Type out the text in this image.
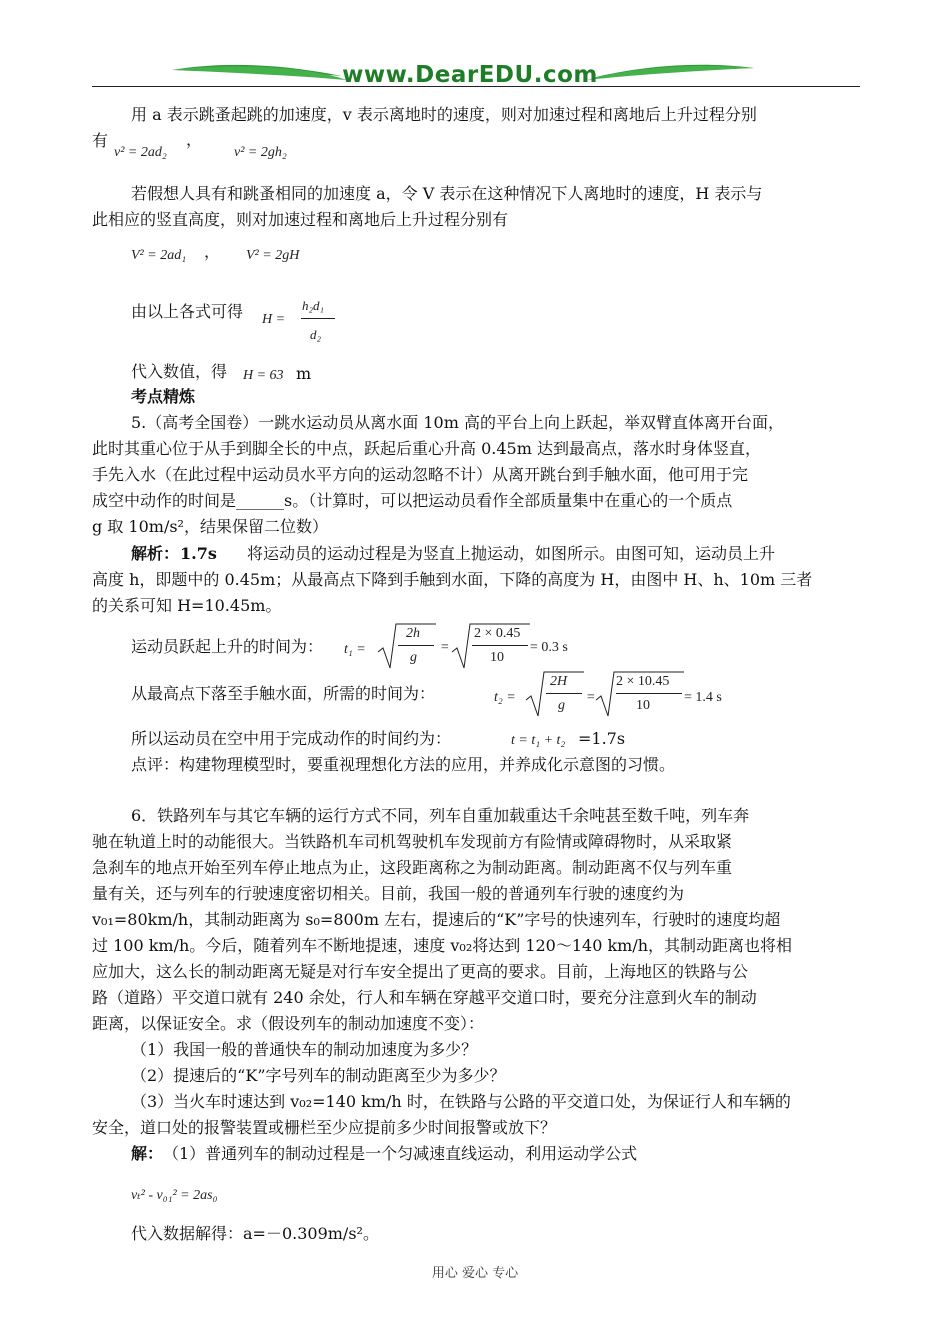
www.DearEDU.com
用 a 表示跳蚤起跳的加速度，v 表示离地时的速度，则对加速过程和离地后上升过程分别
有
v² = 2ad₂
，
v² = 2gh₂
若假想人具有和跳蚤相同的加速度 a，令 V 表示在这种情况下人离地时的速度，H 表示与
此相应的竖直高度，则对加速过程和离地后上升过程分别有
V² = 2ad₁ ， V² = 2gH
由以上各式可得 H =
h₂d₁
d₂
代入数值，得 H = 63 m
考点精炼
5.（高考全国卷）一跳水运动员从离水面 10m 高的平台上向上跃起，举双臂直体离开台面，
此时其重心位于从手到脚全长的中点，跃起后重心升高 0.45m 达到最高点，落水时身体竖直，
手先入水（在此过程中运动员水平方向的运动忽略不计）从离开跳台到手触水面，他可用于完
成空中动作的时间是______s。（计算时，可以把运动员看作全部质量集中在重心的一个质点
g 取 10m/s²，结果保留二位数）
解析： 1.7s 将运动员的运动过程是为竖直上抛运动，如图所示。由图可知，运动员上升
高度 h，即题中的 0.45m；从最高点下降到手触到水面，下降的高度为 H，由图中 H、h、10m 三者
的关系可知 H=10.45m。
运动员跃起上升的时间为： t₁ =
2h
g
=
2 × 0.45
10
= 0.3 s
从最高点下落至手触水面，所需的时间为：	t₂ =
2H
g
=
2 × 10.45
10
= 1.4 s
所以运动员在空中用于完成动作的时间约为：	t = t₁ + t₂ =1.7s
点评：构建物理模型时，要重视理想化方法的应用，并养成化示意图的习惯。
6．铁路列车与其它车辆的运行方式不同，列车自重加载重达千余吨甚至数千吨，列车奔
驰在轨道上时的动能很大。当铁路机车司机驾驶机车发现前方有险情或障碍物时，从采取紧
急刹车的地点开始至列车停止地点为止，这段距离称之为制动距离。制动距离不仅与列车重
量有关，还与列车的行驶速度密切相关。目前，我国一般的普通列车行驶的速度约为
v₀₁=80km/h，其制动距离为 s₀=800m 左右，提速后的“K”字号的快速列车，行驶时的速度均超
过 100 km/h。今后，随着列车不断地提速，速度 v₀₂将达到 120～140 km/h，其制动距离也将相
应加大，这么长的制动距离无疑是对行车安全提出了更高的要求。目前，上海地区的铁路与公
路（道路）平交道口就有 240 余处，行人和车辆在穿越平交道口时，要充分注意到火车的制动
距离，以保证安全。求（假设列车的制动加速度不变）：
（1）我国一般的普通快车的制动加速度为多少？
（2）提速后的“K”字号列车的制动距离至少为多少？
（3）当火车时速达到 v₀₂=140 km/h 时，在铁路与公路的平交道口处，为保证行人和车辆的
安全，道口处的报警装置或栅栏至少应提前多少时间报警或放下？
解： （1）普通列车的制动过程是一个匀减速直线运动，利用运动学公式
vₜ² - v₀₁² = 2as₀
代入数据解得：a=－0.309m/s²。
用心 爱心 专心
